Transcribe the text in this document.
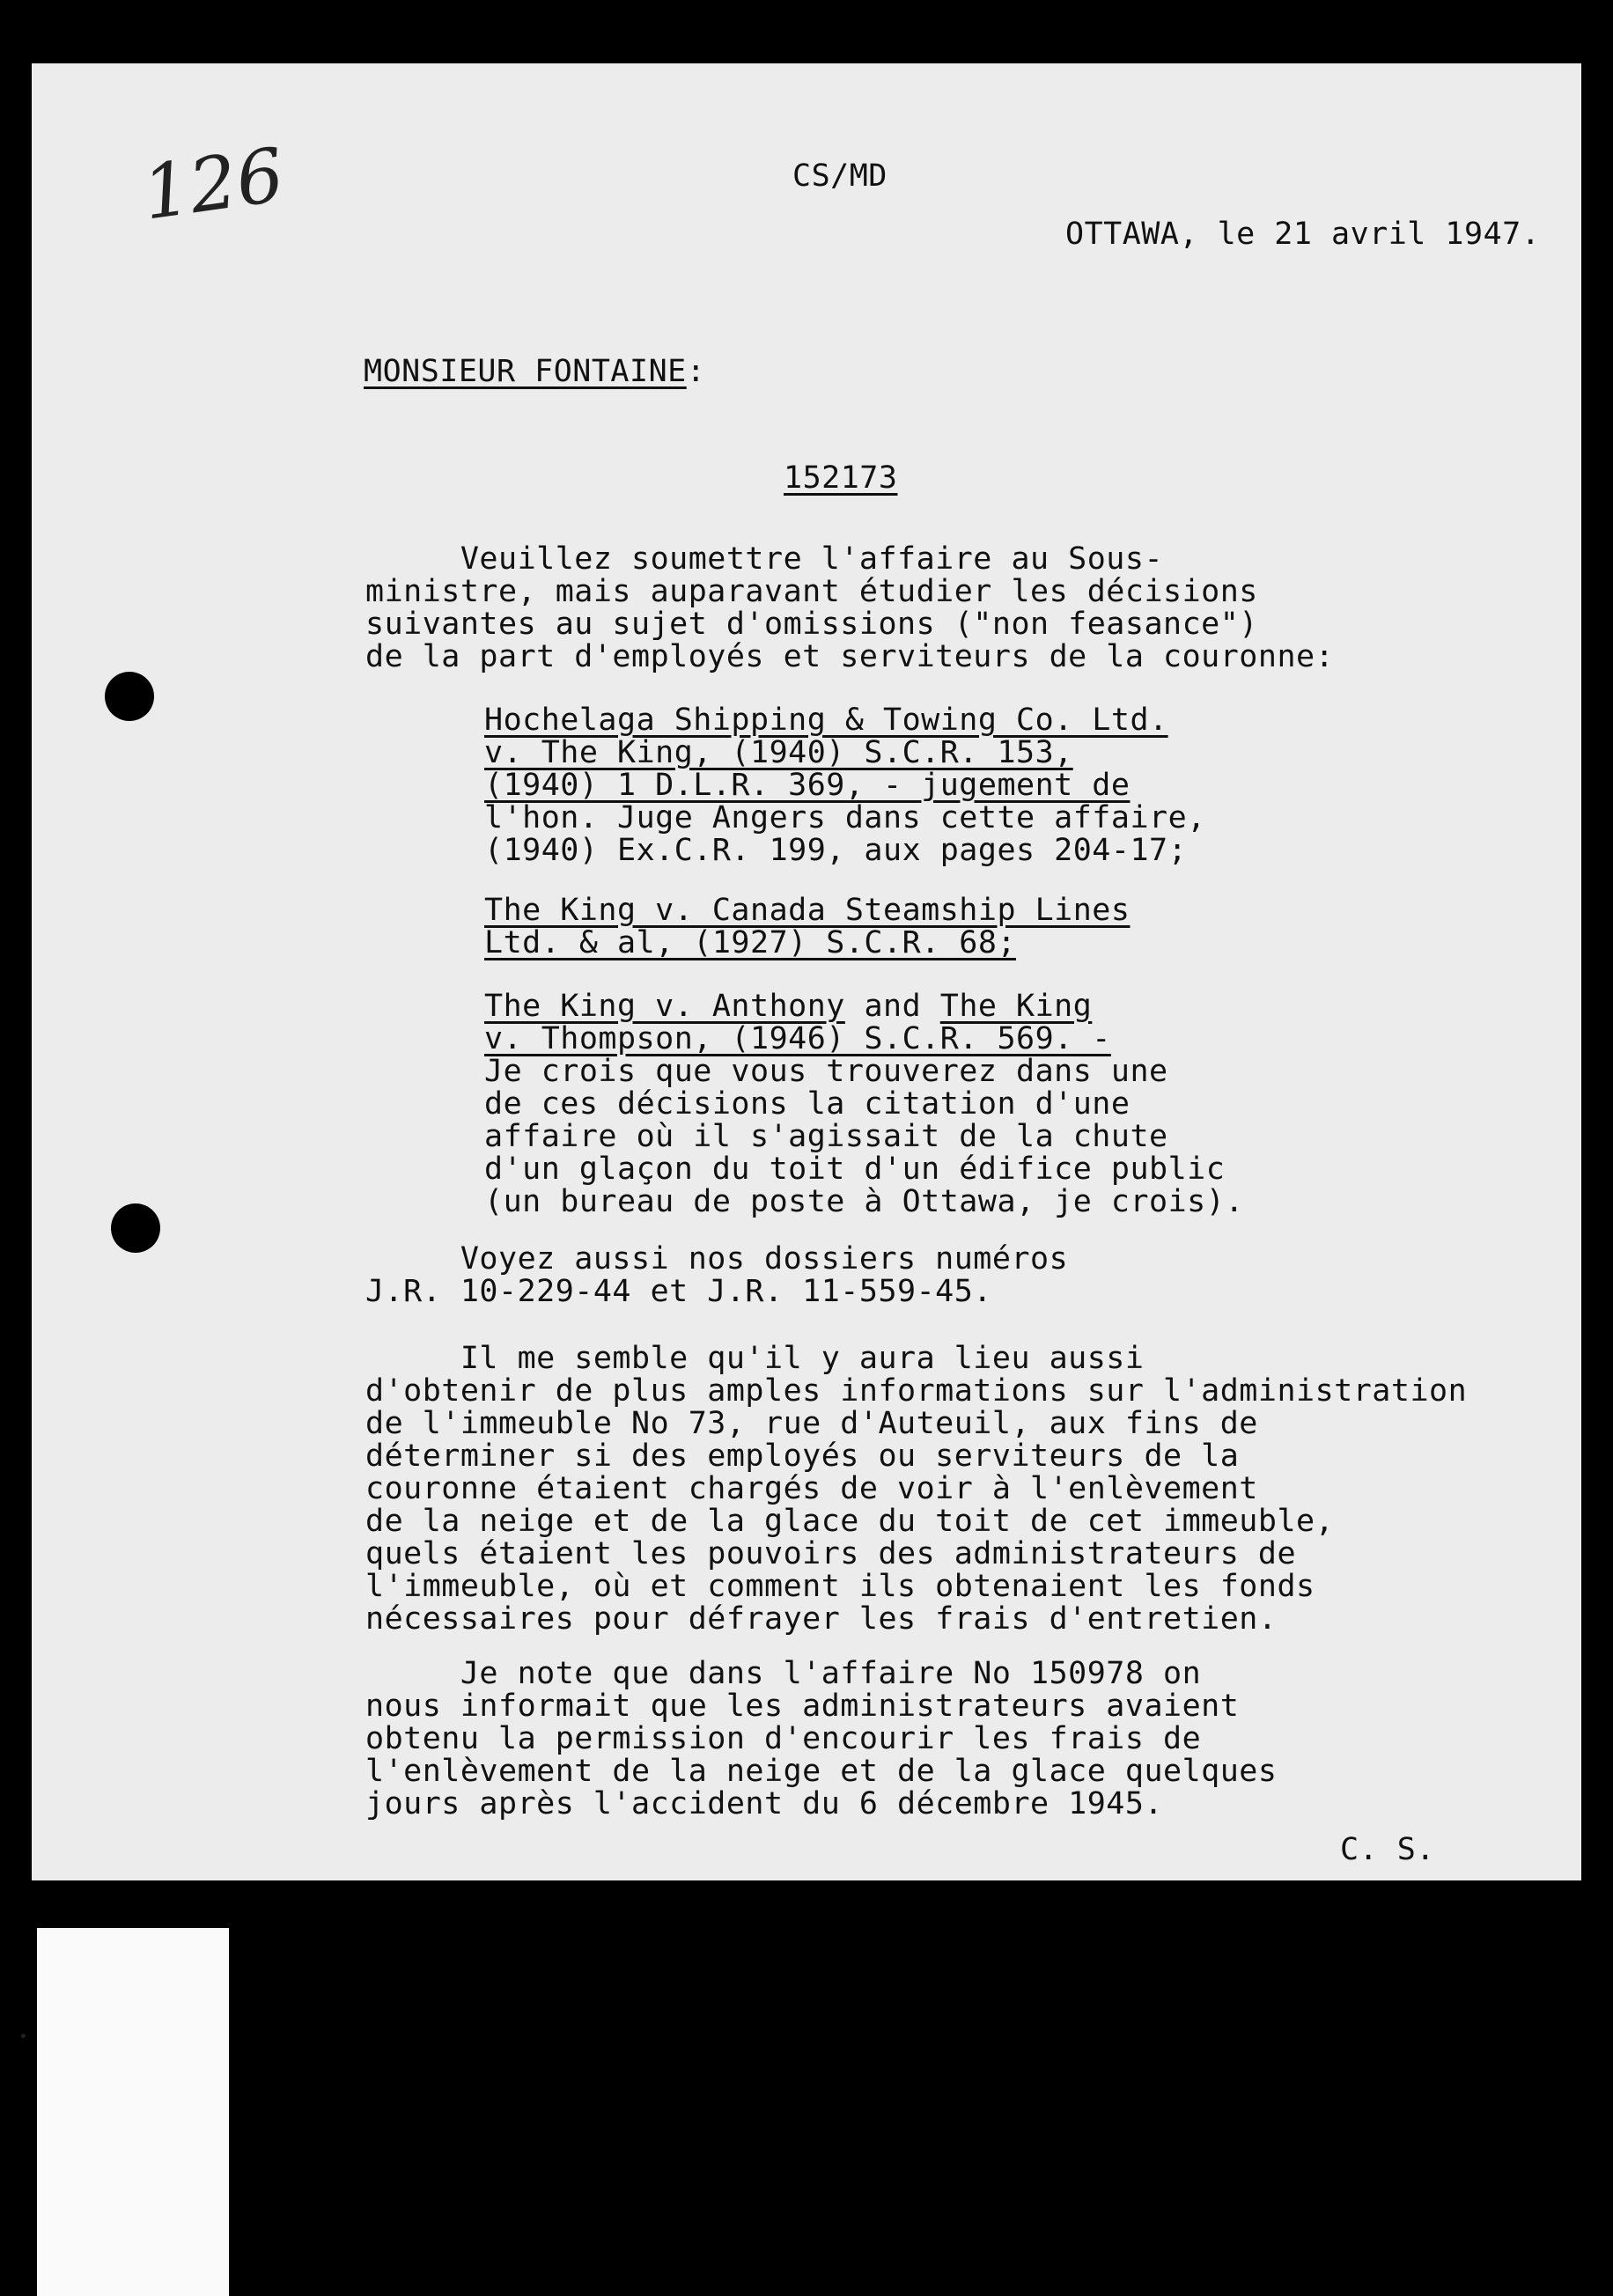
126	CS/MD
OTTAWA, le 21 avril 1947.
MONSIEUR FONTAINE:
152173
Veuillez soumettre l'affaire au Sous-
ministre, mais auparavant étudier les décisions
suivantes au sujet d'omissions ("non feasance")
de la part d'employés et serviteurs de la couronne:
Hochelaga Shipping & Towing Co. Ltd.
v. The King, (1940) S.C.R. 153,
(1940) 1 D.L.R. 369, - jugement de
l'hon. Juge Angers dans cette affaire,
(1940) Ex.C.R. 199, aux pages 204-17;
The King v. Canada Steamship Lines
Ltd. & al, (1927) S.C.R. 68;
The King v. Anthony and The King
v. Thompson, (1946) S.C.R. 569. -
Je crois que vous trouverez dans une
de ces décisions la citation d'une
affaire où il s'agissait de la chute
d'un glaçon du toit d'un édifice public
(un bureau de poste à Ottawa, je crois).
Voyez aussi nos dossiers numéros
J.R. 10-229-44 et J.R. 11-559-45.
Il me semble qu'il y aura lieu aussi
d'obtenir de plus amples informations sur l'administration
de l'immeuble No 73, rue d'Auteuil, aux fins de
déterminer si des employés ou serviteurs de la
couronne étaient chargés de voir à l'enlèvement
de la neige et de la glace du toit de cet immeuble,
quels étaient les pouvoirs des administrateurs de
l'immeuble, où et comment ils obtenaient les fonds
nécessaires pour défrayer les frais d'entretien.
Je note que dans l'affaire No 150978 on
nous informait que les administrateurs avaient
obtenu la permission d'encourir les frais de
l'enlèvement de la neige et de la glace quelques
jours après l'accident du 6 décembre 1945.
C. S.
